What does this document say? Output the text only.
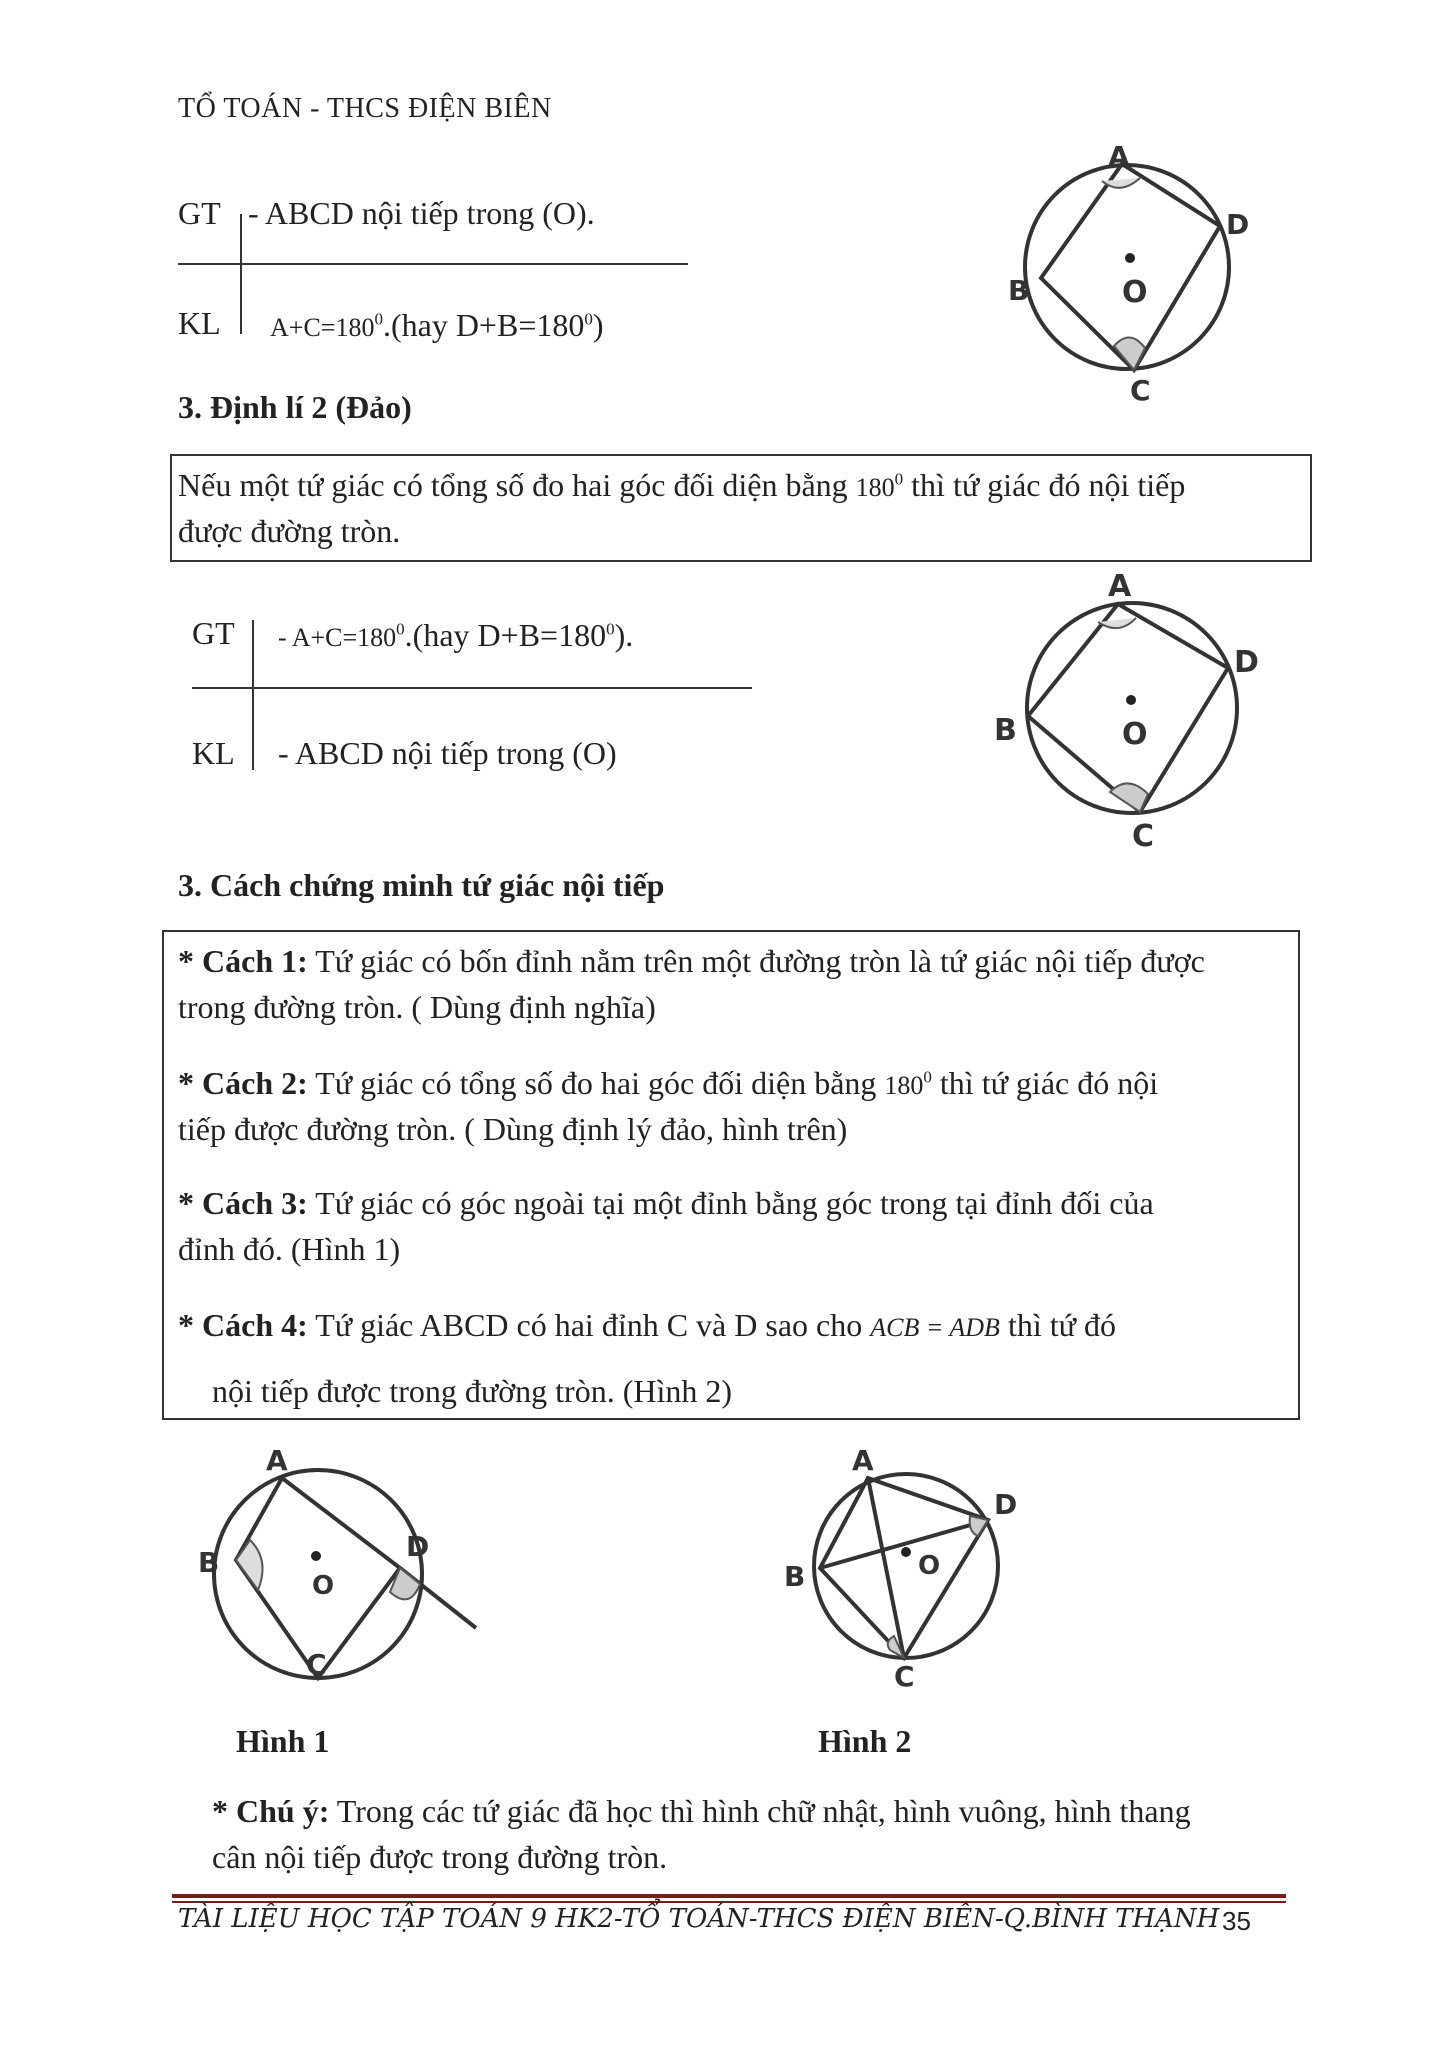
TỔ TOÁN - THCS ĐIỆN BIÊN
GT - ABCD nội tiếp trong (O).
KL $A+C=180^0.(hay$ $D+B=180^0$)
O
A
D
B
C
3. Định lí 2 (Đảo)
Nếu một tứ giác có tổng số đo hai góc đối diện bằng $180^0$ thì tứ giác đó nội tiếp
được đường tròn.
GT - $A+C=180^0.(hay$ $D+B=180^0$).
KL - ABCD nội tiếp trong (O)
O
A
D
B
C
3. Cách chứng minh tứ giác nội tiếp
* Cách 1: Tứ giác có bốn đỉnh nằm trên một đường tròn là tứ giác nội tiếp được
trong đường tròn. ( Dùng định nghĩa)
* Cách 2: Tứ giác có tổng số đo hai góc đối diện bằng $180^0$ thì tứ giác đó nội
tiếp được đường tròn. ( Dùng định lý đảo, hình trên)
* Cách 3: Tứ giác có góc ngoài tại một đỉnh bằng góc trong tại đỉnh đối của
đỉnh đó. (Hình 1)
* Cách 4: Tứ giác ABCD có hai đỉnh C và D sao cho ACB = ADB thì tứ đó
nội tiếp được trong đường tròn. (Hình 2)
O
A
B
C
D
O
A
D
B
C
Hình 1	Hình 2
* Chú ý: Trong các tứ giác đã học thì hình chữ nhật, hình vuông, hình thang
cân nội tiếp được trong đường tròn.
TÀI LIỆU HỌC TẬP TOÁN 9 HK2-TỔ TOÁN-THCS ĐIỆN BIÊN-Q.BÌNH THẠNH 35
